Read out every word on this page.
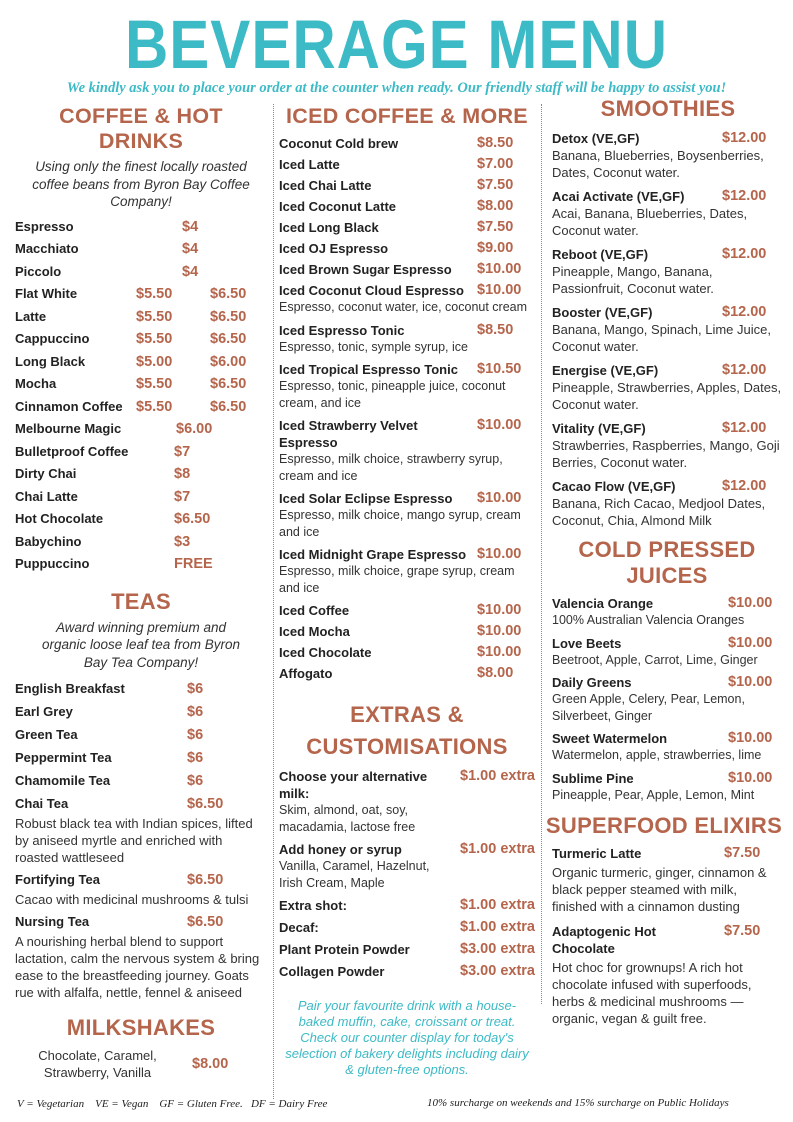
BEVERAGE MENU
We kindly ask you to place your order at the counter when ready. Our friendly staff will be happy to assist you!
COFFEE & HOT DRINKS
Using only the finest locally roasted coffee beans from Byron Bay Coffee Company!
Espresso	$4
Macchiato	$4
Piccolo	$4
Flat White	$5.50	$6.50
Latte	$5.50	$6.50
Cappuccino	$5.50	$6.50
Long Black	$5.00	$6.00
Mocha	$5.50	$6.50
Cinnamon Coffee $5.50	$6.50
Melbourne Magic	$6.00
Bulletproof Coffee	$7
Dirty Chai	$8
Chai Latte	$7
Hot Chocolate	$6.50
Babychino	$3
Puppuccino	FREE
TEAS
Award winning premium and organic loose leaf tea from Byron Bay Tea Company!
English Breakfast	$6
Earl Grey	$6
Green Tea	$6
Peppermint Tea	$6
Chamomile Tea	$6
Chai Tea	$6.50
Robust black tea with Indian spices, lifted by aniseed myrtle and enriched with roasted wattleseed
Fortifying Tea	$6.50
Cacao with medicinal mushrooms & tulsi
Nursing Tea	$6.50
A nourishing herbal blend to support lactation, calm the nervous system & bring ease to the breastfeeding journey. Goats rue with alfalfa, nettle, fennel & aniseed
MILKSHAKES
Chocolate, Caramel, Strawberry, Vanilla
$8.00
ICED COFFEE & MORE
Coconut Cold brew	$8.50
Iced Latte	$7.00
Iced Chai Latte	$7.50
Iced Coconut Latte	$8.00
Iced Long Black	$7.50
Iced OJ Espresso	$9.00
Iced Brown Sugar Espresso	$10.00
Iced Coconut Cloud Espresso $10.00
Espresso, coconut water, ice, coconut cream
Iced Espresso Tonic	$8.50
Espresso, tonic, symple syrup, ice
Iced Tropical Espresso Tonic	$10.50
Espresso, tonic, pineapple juice, coconut cream, and ice
Iced Strawberry Velvet Espresso
$10.00
Espresso, milk choice, strawberry syrup, cream and ice
Iced Solar Eclipse Espresso	$10.00
Espresso, milk choice, mango syrup, cream and ice
Iced Midnight Grape Espresso $10.00
Espresso, milk choice, grape syrup, cream and ice
Iced Coffee	$10.00
Iced Mocha	$10.00
Iced Chocolate	$10.00
Affogato	$8.00
EXTRAS &
CUSTOMISATIONS
Choose your alternative milk:
$1.00 extra
Skim, almond, oat, soy, macadamia, lactose free
Add honey or syrup	$1.00 extra
Vanilla, Caramel, Hazelnut, Irish Cream, Maple
Extra shot:	$1.00 extra
Decaf:	$1.00 extra
Plant Protein Powder	$3.00 extra
Collagen Powder	$3.00 extra
Pair your favourite drink with a house-baked muffin, cake, croissant or treat. Check our counter display for today's selection of bakery delights including dairy & gluten-free options.
SMOOTHIES
Detox (VE,GF)	$12.00
Banana, Blueberries, Boysenberries, Dates, Coconut water.
Acai Activate (VE,GF)	$12.00
Acai, Banana, Blueberries, Dates, Coconut water.
Reboot (VE,GF)	$12.00
Pineapple, Mango, Banana, Passionfruit, Coconut water.
Booster (VE,GF)	$12.00
Banana, Mango, Spinach, Lime Juice, Coconut water.
Energise (VE,GF)	$12.00
Pineapple, Strawberries, Apples, Dates, Coconut water.
Vitality (VE,GF)	$12.00
Strawberries, Raspberries, Mango, Goji Berries, Coconut water.
Cacao Flow (VE,GF)	$12.00
Banana, Rich Cacao, Medjool Dates, Coconut, Chia, Almond Milk
COLD PRESSED JUICES
Valencia Orange	$10.00
100% Australian Valencia Oranges
Love Beets	$10.00
Beetroot, Apple, Carrot, Lime, Ginger
Daily Greens	$10.00
Green Apple, Celery, Pear, Lemon, Silverbeet, Ginger
Sweet Watermelon	$10.00
Watermelon, apple, strawberries, lime
Sublime Pine	$10.00
Pineapple, Pear, Apple, Lemon, Mint
SUPERFOOD ELIXIRS
Turmeric Latte	$7.50
Organic turmeric, ginger, cinnamon & black pepper steamed with milk, finished with a cinnamon dusting
Adaptogenic Hot Chocolate
$7.50
Hot choc for grownups! A rich hot chocolate infused with superfoods, herbs & medicinal mushrooms — organic, vegan & guilt free.
V = Vegetarian    VE = Vegan    GF = Gluten Free.   DF = Dairy Free	10% surcharge on weekends and 15% surcharge on Public Holidays
